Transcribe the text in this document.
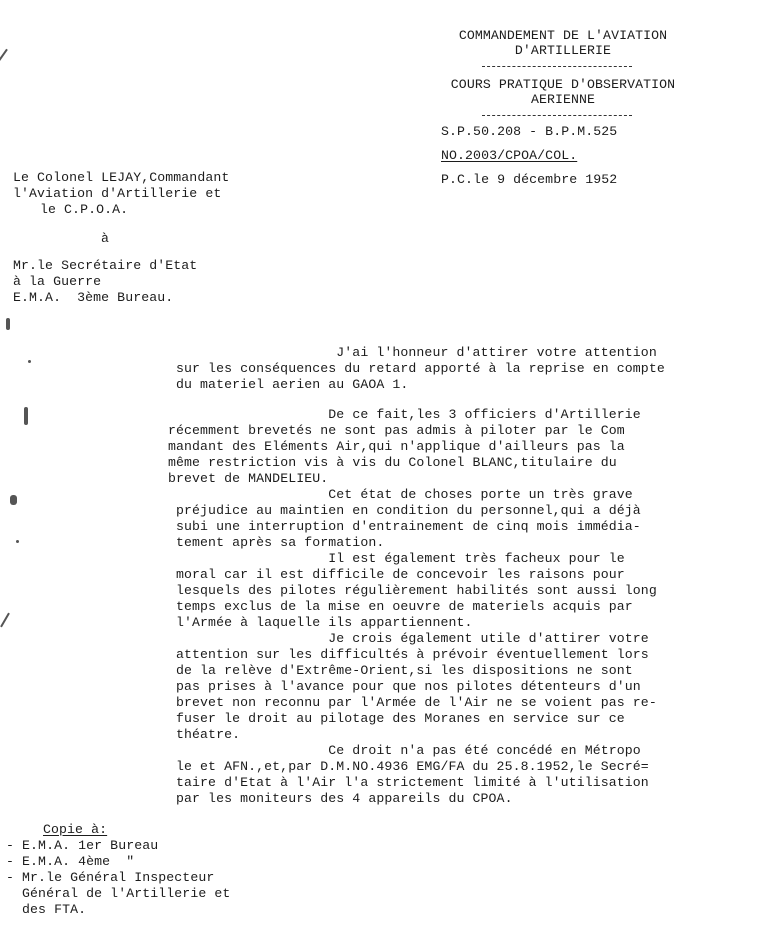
COMMANDEMENT DE L'AVIATION

D'ARTILLERIE

COURS PRATIQUE D'OBSERVATION

AERIENNE

S.P.50.208 - B.P.M.525

NO.2003/CPOA/COL.

P.C.le 9 décembre 1952

Le Colonel LEJAY,Commandant

l'Aviation d'Artillerie et

le C.P.O.A.

à

Mr.le Secrétaire d'Etat

à la Guerre

E.M.A.  3ème Bureau.

J'ai l'honneur d'attirer votre attention

sur les conséquences du retard apporté à la reprise en compte

du materiel aerien au GAOA 1.

De ce fait,les 3 officiers d'Artillerie

récemment brevetés ne sont pas admis à piloter par le Com

mandant des Eléments Air,qui n'applique d'ailleurs pas la

même restriction vis à vis du Colonel BLANC,titulaire du

brevet de MANDELIEU.

Cet état de choses porte un très grave

préjudice au maintien en condition du personnel,qui a déjà

subi une interruption d'entrainement de cinq mois immédia-

tement après sa formation.

Il est également très facheux pour le

moral car il est difficile de concevoir les raisons pour

lesquels des pilotes régulièrement habilités sont aussi long

temps exclus de la mise en oeuvre de materiels acquis par

l'Armée à laquelle ils appartiennent.

Je crois également utile d'attirer votre

attention sur les difficultés à prévoir éventuellement lors

de la relève d'Extrême-Orient,si les dispositions ne sont

pas prises à l'avance pour que nos pilotes détenteurs d'un

brevet non reconnu par l'Armée de l'Air ne se voient pas re-

fuser le droit au pilotage des Moranes en service sur ce

théatre.

Ce droit n'a pas été concédé en Métropo

le et AFN.,et,par D.M.NO.4936 EMG/FA du 25.8.1952,le Secré=

taire d'Etat à l'Air l'a strictement limité à l'utilisation

par les moniteurs des 4 appareils du CPOA.

Copie à:

- E.M.A. 1er Bureau

- E.M.A. 4ème  "

- Mr.le Général Inspecteur

Général de l'Artillerie et

des FTA.
